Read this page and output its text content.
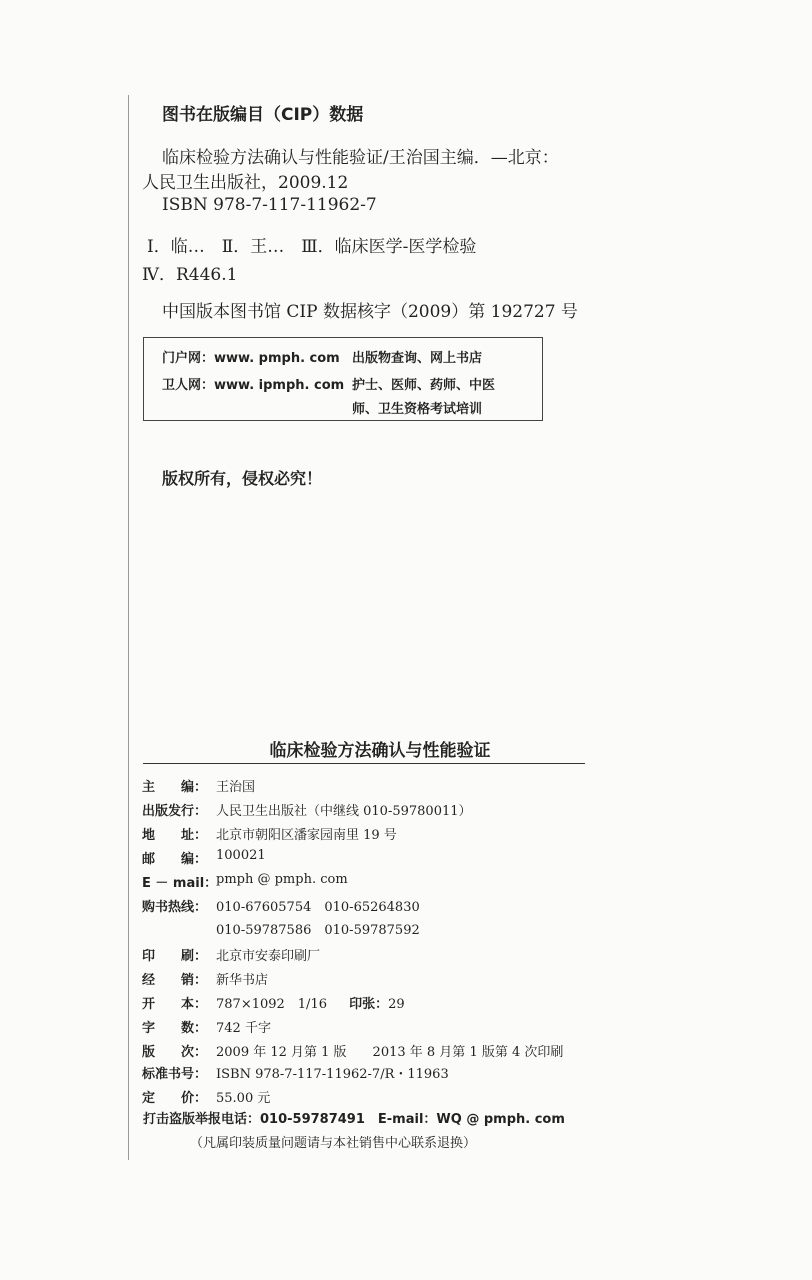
图书在版编目（CIP）数据
临床检验方法确认与性能验证/王治国主编．—北京：
人民卫生出版社，2009.12
ISBN 978-7-117-11962-7
Ⅰ．临…　Ⅱ．王…　Ⅲ．临床医学-医学检验
Ⅳ．R446.1
中国版本图书馆 CIP 数据核字（2009）第 192727 号
门户网：www. pmph. com 出版物查询、网上书店
卫人网：www. ipmph. com 护士、医师、药师、中医
师、卫生资格考试培训
版权所有，侵权必究！
临床检验方法确认与性能验证
主　　编： 王治国
出版发行： 人民卫生出版社（中继线 010-59780011）
地　　址： 北京市朝阳区潘家园南里 19 号
邮　　编： 100021
E － mail：
pmph @ pmph. com
购书热线： 010-67605754　010-65264830
010-59787586　010-59787592
印　　刷： 北京市安泰印刷厂
经　　销： 新华书店
开　　本： 787×1092　1/16 印张：29
字　　数： 742 千字
版　　次： 2009 年 12 月第 1 版　　2013 年 8 月第 1 版第 4 次印刷
标准书号： ISBN 978-7-117-11962-7/R・11963
定　　价： 55.00 元
打击盗版举报电话：010-59787491　E-mail：WQ @ pmph. com
（凡属印装质量问题请与本社销售中心联系退换）
